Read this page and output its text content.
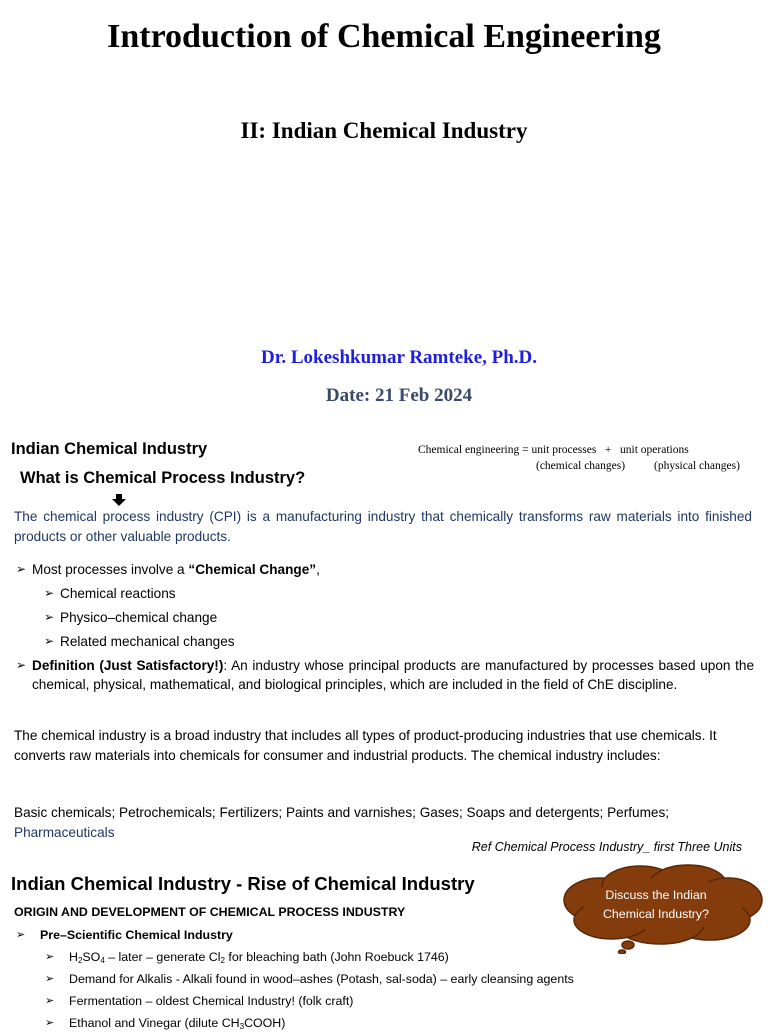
Introduction of Chemical Engineering
II: Indian Chemical Industry
Dr. Lokeshkumar Ramteke, Ph.D.
Date: 21 Feb 2024
Indian Chemical Industry
What is Chemical Process Industry?
Chemical engineering = unit processes   +   unit operations
(chemical changes)	(physical changes)
The chemical process industry (CPI) is a manufacturing industry that chemically transforms raw materials into finished products or other valuable products.
➢ Most processes involve a “Chemical Change”,
➢ Chemical reactions
➢ Physico–chemical change
➢ Related mechanical changes
➢ Definition (Just Satisfactory!): An industry whose principal products are manufactured by processes based upon the chemical, physical, mathematical, and biological principles, which are included in the field of ChE discipline.
The chemical industry is a broad industry that includes all types of product-producing industries that use chemicals. It converts raw materials into chemicals for consumer and industrial products. The chemical industry includes:
Basic chemicals; Petrochemicals; Fertilizers; Paints and varnishes; Gases; Soaps and detergents; Perfumes;
Pharmaceuticals
Ref Chemical Process Industry_ first Three Units
Indian Chemical Industry - Rise of Chemical Industry
ORIGIN AND DEVELOPMENT OF CHEMICAL PROCESS INDUSTRY
➢ Pre–Scientific Chemical Industry
➢ $H_2SO_4$ – later – generate $Cl_2$ for bleaching bath (John Roebuck 1746)
➢ Demand for Alkalis - Alkali found in wood–ashes (Potash, sal-soda) – early cleansing agents
➢ Fermentation – oldest Chemical Industry! (folk craft)
➢ Ethanol and Vinegar (dilute $CH_3COOH$)
Discuss the Indian Chemical Industry?
